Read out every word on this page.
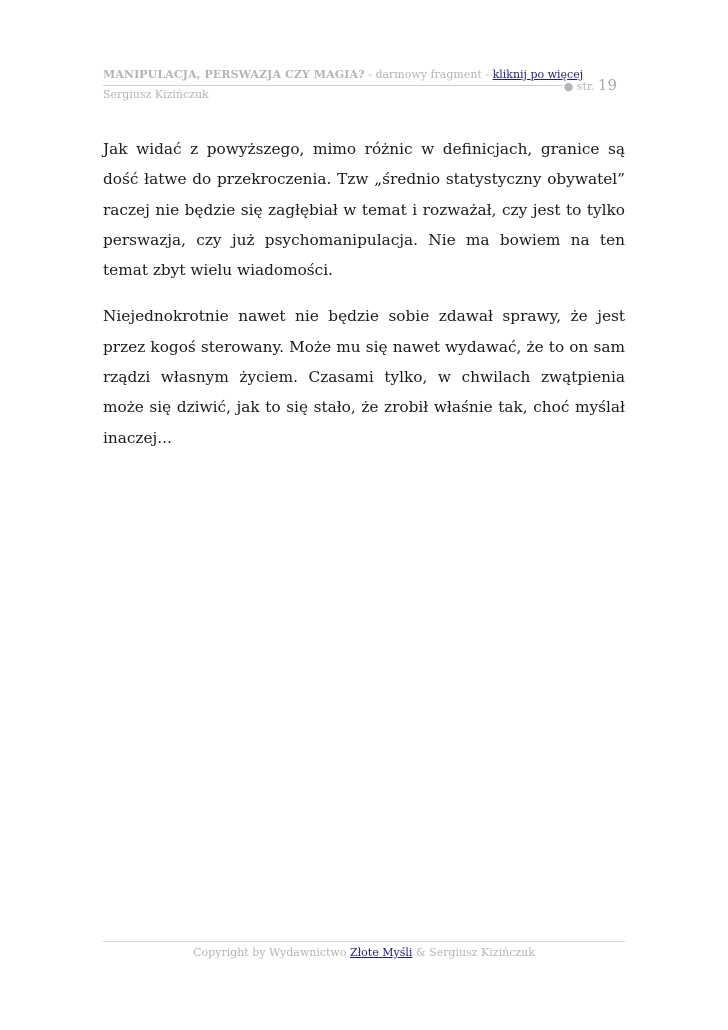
MANIPULACJA, PERSWAZJA CZY MAGIA? - darmowy fragment - kliknij po więcej
Sergiusz Kizińczuk
● str. 19

Jak widać z powyższego, mimo różnic w definicjach, granice są dość łatwe do przekroczenia. Tzw „średnio statystyczny obywatel” raczej nie będzie się zagłębiał w temat i rozważał, czy jest to tylko perswazja, czy już psychomanipulacja. Nie ma bowiem na ten temat zbyt wielu wiadomości.

Niejednokrotnie nawet nie będzie sobie zdawał sprawy, że jest przez kogoś sterowany. Może mu się nawet wydawać, że to on sam rządzi własnym życiem. Czasami tylko, w chwilach zwątpienia może się dziwić, jak to się stało, że zrobił właśnie tak, choć myślał inaczej...

Copyright by Wydawnictwo Złote Myśli & Sergiusz Kizińczuk
